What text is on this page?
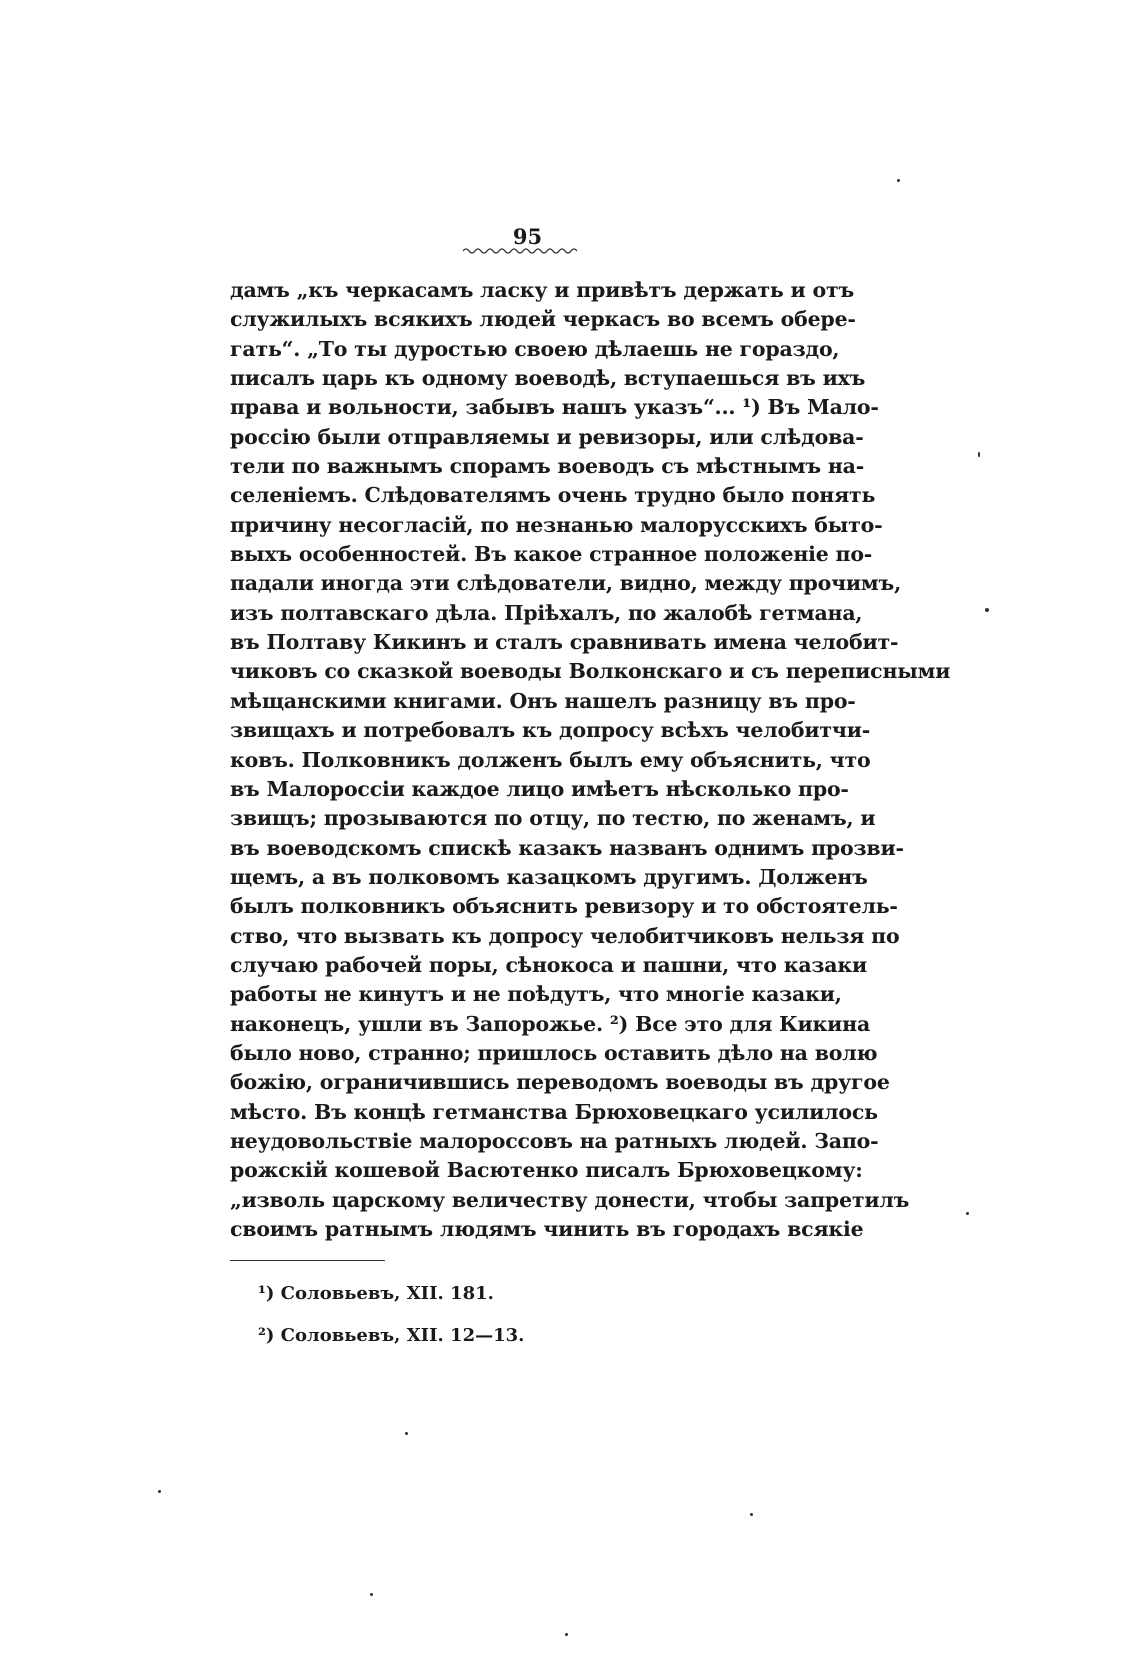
95
дамъ „къ черкасамъ ласку и привѣтъ держать и отъ
служилыхъ всякихъ людей черкасъ во всемъ обере-
гать“. „То ты дуростью своею дѣлаешь не гораздо,
писалъ царь къ одному воеводѣ, вступаешься въ ихъ
права и вольности, забывъ нашъ указъ“... ¹) Въ Мало-
россію были отправляемы и ревизоры, или слѣдова-
тели по важнымъ спорамъ воеводъ съ мѣстнымъ на-
селеніемъ. Слѣдователямъ очень трудно было понять
причину несогласій, по незнанью малорусскихъ быто-
выхъ особенностей. Въ какое странное положеніе по-
падали иногда эти слѣдователи, видно, между прочимъ,
изъ полтавскаго дѣла. Пріѣхалъ, по жалобѣ гетмана,
въ Полтаву Кикинъ и сталъ сравнивать имена челобит-
чиковъ со сказкой воеводы Волконскаго и съ переписными
мѣщанскими книгами. Онъ нашелъ разницу въ про-
звищахъ и потребовалъ къ допросу всѣхъ челобитчи-
ковъ. Полковникъ долженъ былъ ему объяснить, что
въ Малороссіи каждое лицо имѣетъ нѣсколько про-
звищъ; прозываются по отцу, по тестю, по женамъ, и
въ воеводскомъ спискѣ казакъ названъ однимъ прозви-
щемъ, а въ полковомъ казацкомъ другимъ. Долженъ
былъ полковникъ объяснить ревизору и то обстоятель-
ство, что вызвать къ допросу челобитчиковъ нельзя по
случаю рабочей поры, сѣнокоса и пашни, что казаки
работы не кинутъ и не поѣдутъ, что многіе казаки,
наконецъ, ушли въ Запорожье. ²) Все это для Кикина
было ново, странно; пришлось оставить дѣло на волю
божію, ограничившись переводомъ воеводы въ другое
мѣсто. Въ концѣ гетманства Брюховецкаго усилилось
неудовольствіе малороссовъ на ратныхъ людей. Запо-
рожскій кошевой Васютенко писалъ Брюховецкому:
„изволь царскому величеству донести, чтобы запретилъ
своимъ ратнымъ людямъ чинить въ городахъ всякіе
¹) Соловьевъ, XII. 181.
²) Соловьевъ, XII. 12—13.
